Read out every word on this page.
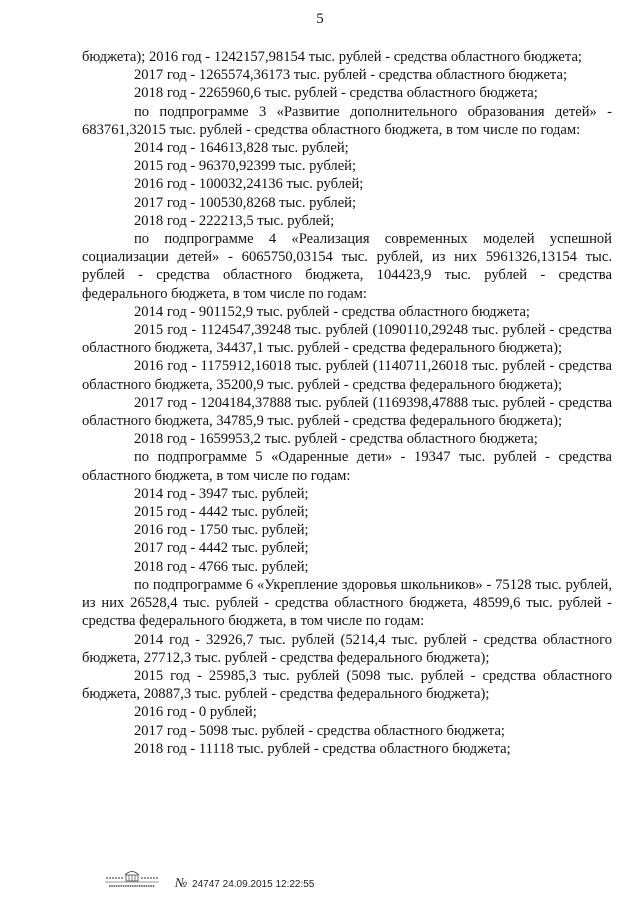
5

бюджета); 2016 год - 1242157,98154 тыс. рублей - средства областного бюджета;

2017 год - 1265574,36173 тыс. рублей - средства областного бюджета;

2018 год - 2265960,6 тыс. рублей - средства областного бюджета;

по подпрограмме 3 «Развитие дополнительного образования детей» - 683761,32015 тыс. рублей - средства областного бюджета, в том числе по годам:

2014 год - 164613,828 тыс. рублей;

2015 год - 96370,92399 тыс. рублей;

2016 год - 100032,24136 тыс. рублей;

2017 год - 100530,8268 тыс. рублей;

2018 год - 222213,5 тыс. рублей;

по подпрограмме 4 «Реализация современных моделей успешной социализации детей» - 6065750,03154 тыс. рублей, из них 5961326,13154 тыс. рублей - средства областного бюджета, 104423,9 тыс. рублей - средства федерального бюджета, в том числе по годам:

2014 год - 901152,9 тыс. рублей - средства областного бюджета;

2015 год - 1124547,39248 тыс. рублей (1090110,29248 тыс. рублей - средства областного бюджета, 34437,1 тыс. рублей - средства федерального бюджета);

2016 год - 1175912,16018 тыс. рублей (1140711,26018 тыс. рублей - средства областного бюджета, 35200,9 тыс. рублей - средства федерального бюджета);

2017 год - 1204184,37888 тыс. рублей (1169398,47888 тыс. рублей - средства областного бюджета, 34785,9 тыс. рублей - средства федерального бюджета);

2018 год - 1659953,2 тыс. рублей - средства областного бюджета;

по подпрограмме 5 «Одаренные дети» - 19347 тыс. рублей - средства областного бюджета, в том числе по годам:

2014 год - 3947 тыс. рублей;

2015 год - 4442 тыс. рублей;

2016 год - 1750 тыс. рублей;

2017 год - 4442 тыс. рублей;

2018 год - 4766 тыс. рублей;

по подпрограмме 6 «Укрепление здоровья школьников» - 75128 тыс. рублей, из них 26528,4 тыс. рублей - средства областного бюджета, 48599,6 тыс. рублей - средства федерального бюджета, в том числе по годам:

2014 год - 32926,7 тыс. рублей (5214,4 тыс. рублей - средства областного бюджета, 27712,3 тыс. рублей - средства федерального бюджета);

2015 год - 25985,3 тыс. рублей (5098 тыс. рублей - средства областного бюджета, 20887,3 тыс. рублей - средства федерального бюджета);

2016 год - 0 рублей;

2017 год - 5098 тыс. рублей - средства областного бюджета;

2018 год - 11118 тыс. рублей - средства областного бюджета;

№ 24747 24.09.2015 12:22:55
